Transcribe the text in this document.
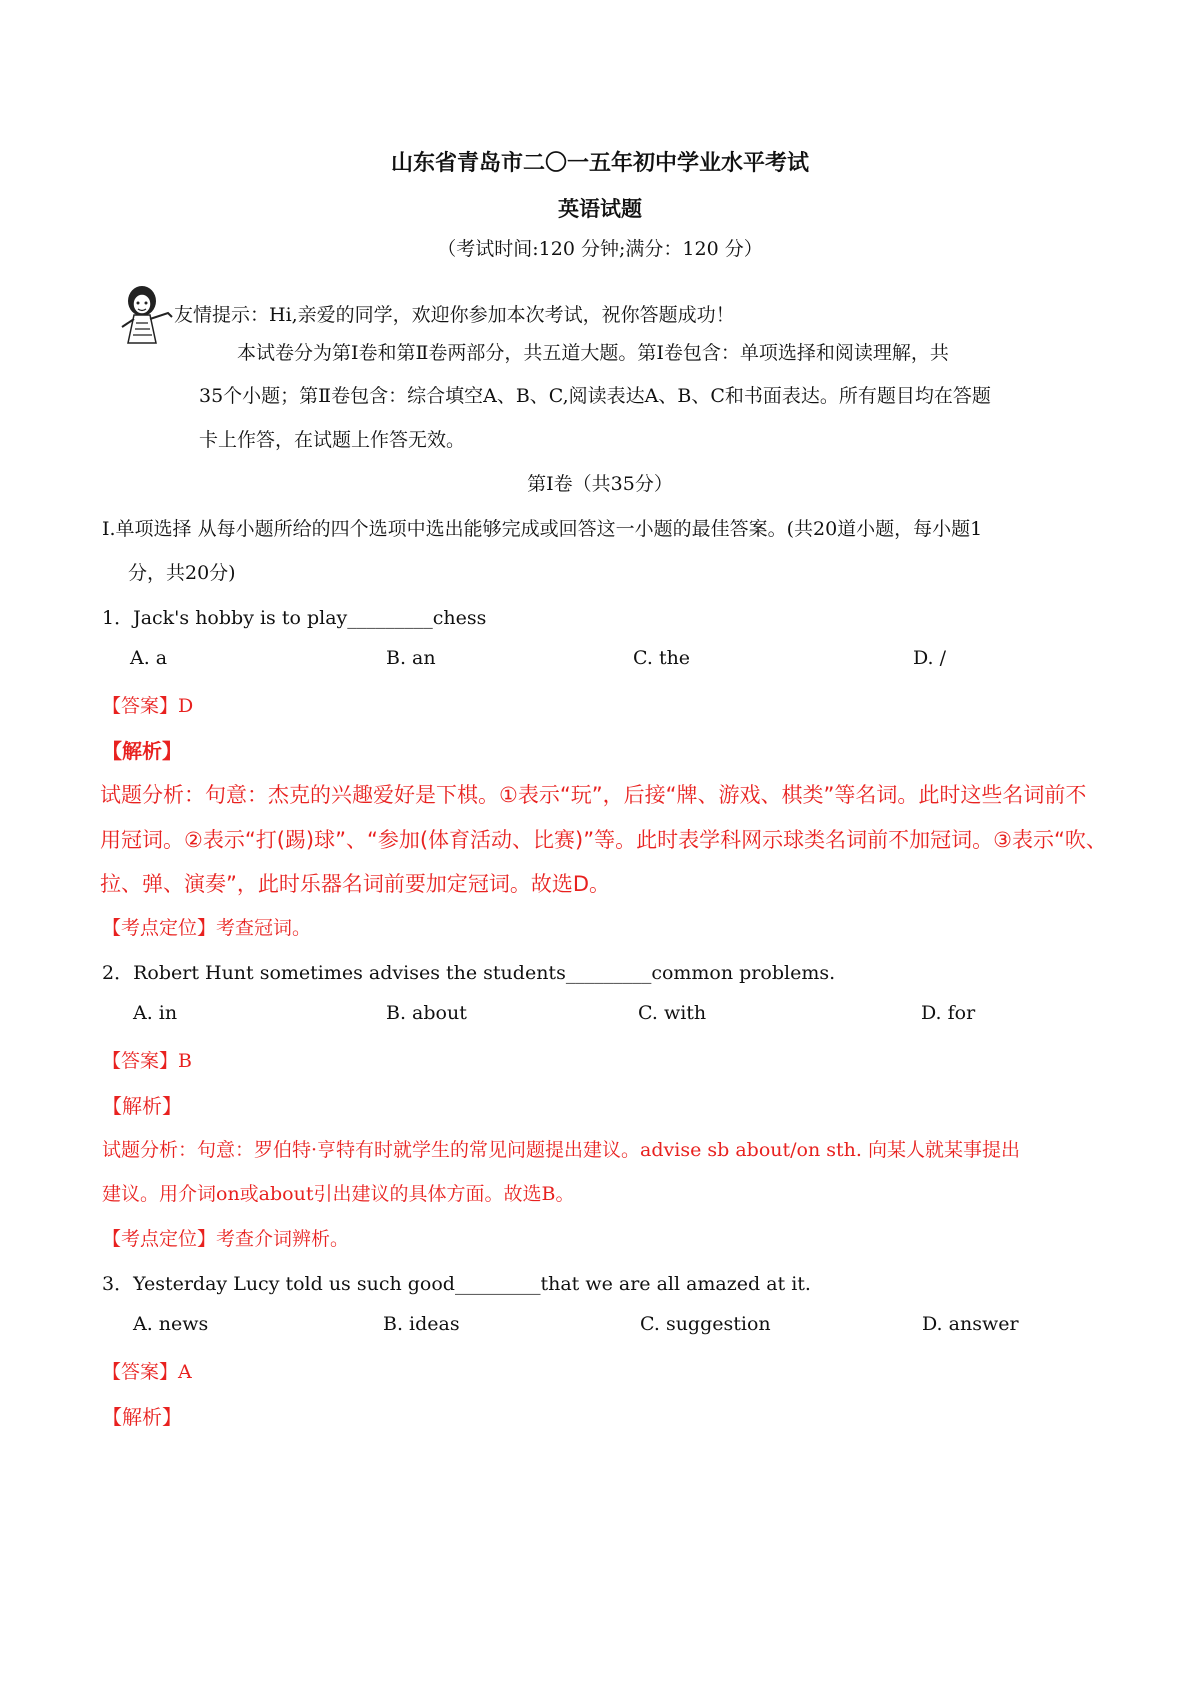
山东省青岛市二〇一五年初中学业水平考试
英语试题
（考试时间:120 分钟;满分：120 分）
友情提示：Hi,亲爱的同学，欢迎你参加本次考试，祝你答题成功！
本试卷分为第Ⅰ卷和第Ⅱ卷两部分，共五道大题。第Ⅰ卷包含：单项选择和阅读理解，共
35个小题；第Ⅱ卷包含：综合填空A、B、C,阅读表达A、B、C和书面表达。所有题目均在答题
卡上作答，在试题上作答无效。
第Ⅰ卷（共35分）
Ⅰ.单项选择 从每小题所给的四个选项中选出能够完成或回答这一小题的最佳答案。(共20道小题，每小题1
分，共20分)
1．Jack's hobby is to play_________chess
A. a	B. an	C. the	D. /
【答案】D
【解析】
试题分析：句意：杰克的兴趣爱好是下棋。①表示“玩”，后接“牌、游戏、棋类”等名词。此时这些名词前不
用冠词。②表示“打(踢)球”、“参加(体育活动、比赛)”等。此时表学科网示球类名词前不加冠词。③表示“吹、
拉、弹、演奏”，此时乐器名词前要加定冠词。故选D。
【考点定位】考查冠词。
2．Robert Hunt sometimes advises the students_________common problems.
A. in	B. about	C. with	D. for
【答案】B
【解析】
试题分析：句意：罗伯特·亨特有时就学生的常见问题提出建议。advise sb about/on sth. 向某人就某事提出
建议。用介词on或about引出建议的具体方面。故选B。
【考点定位】考查介词辨析。
3．Yesterday Lucy told us such good_________that we are all amazed at it.
A. news	B. ideas	C. suggestion	D. answer
【答案】A
【解析】
